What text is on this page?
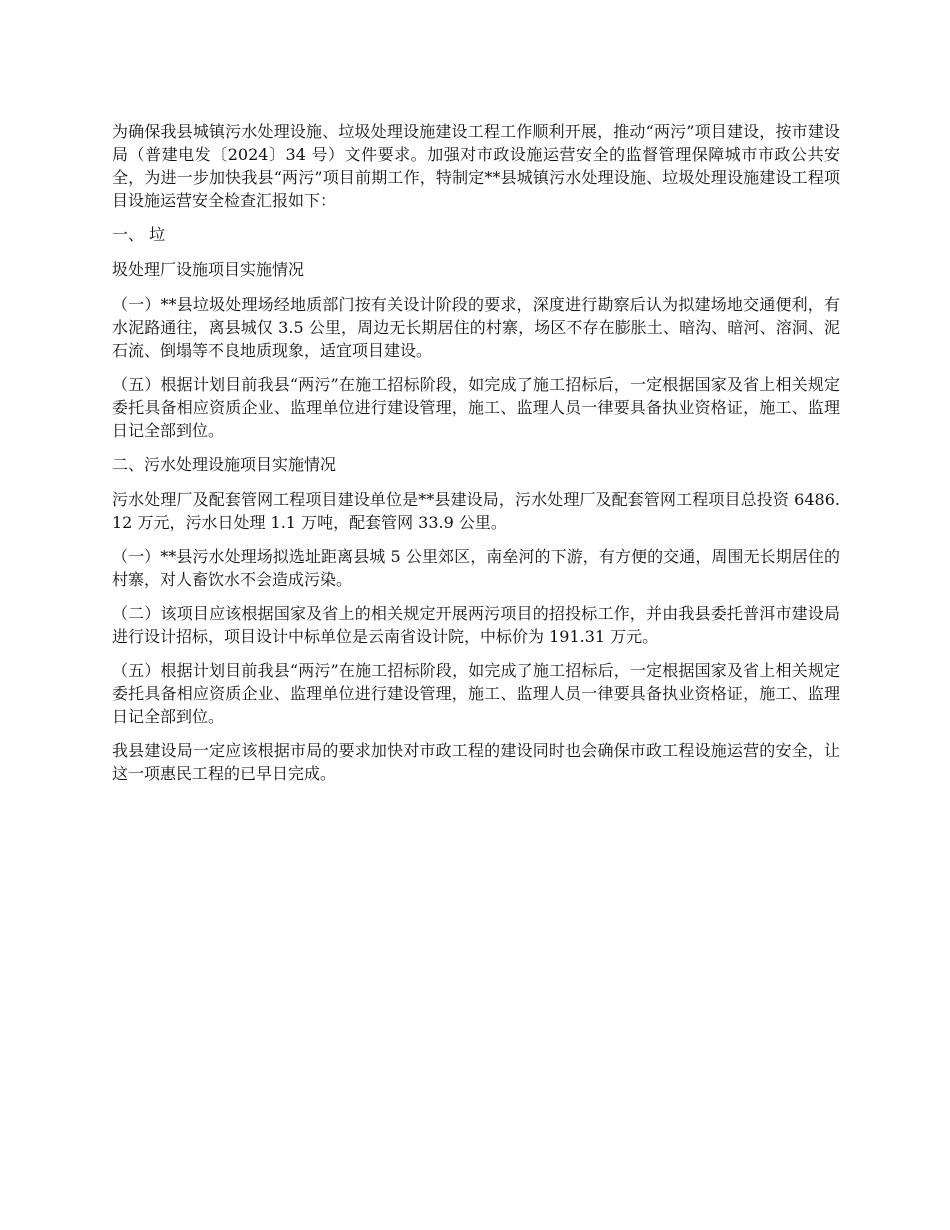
为确保我县城镇污水处理设施、垃圾处理设施建设工程工作顺利开展，推动“两污”项目建设，按市建设局（普建电发〔2024〕34 号）文件要求。加强对市政设施运营安全的监督管理保障城市市政公共安全，为进一步加快我县“两污”项目前期工作，特制定**县城镇污水处理设施、垃圾处理设施建设工程项目设施运营安全检查汇报如下：

一、 垃

圾处理厂设施项目实施情况

（一）**县垃圾处理场经地质部门按有关设计阶段的要求，深度进行勘察后认为拟建场地交通便利，有水泥路通往，离县城仅 3.5 公里，周边无长期居住的村寨，场区不存在膨胀土、暗沟、暗河、溶洞、泥石流、倒塌等不良地质现象，适宜项目建设。

（五）根据计划目前我县“两污”在施工招标阶段，如完成了施工招标后，一定根据国家及省上相关规定委托具备相应资质企业、监理单位进行建设管理，施工、监理人员一律要具备执业资格证，施工、监理日记全部到位。

二、污水处理设施项目实施情况

污水处理厂及配套管网工程项目建设单位是**县建设局，污水处理厂及配套管网工程项目总投资 6486.12 万元，污水日处理 1.1 万吨，配套管网 33.9 公里。

（一）**县污水处理场拟选址距离县城 5 公里郊区，南垒河的下游，有方便的交通，周围无长期居住的村寨，对人畜饮水不会造成污染。

（二）该项目应该根据国家及省上的相关规定开展两污项目的招投标工作，并由我县委托普洱市建设局进行设计招标，项目设计中标单位是云南省设计院，中标价为 191.31 万元。

（五）根据计划目前我县“两污”在施工招标阶段，如完成了施工招标后，一定根据国家及省上相关规定委托具备相应资质企业、监理单位进行建设管理，施工、监理人员一律要具备执业资格证，施工、监理日记全部到位。

我县建设局一定应该根据市局的要求加快对市政工程的建设同时也会确保市政工程设施运营的安全，让这一项惠民工程的已早日完成。
